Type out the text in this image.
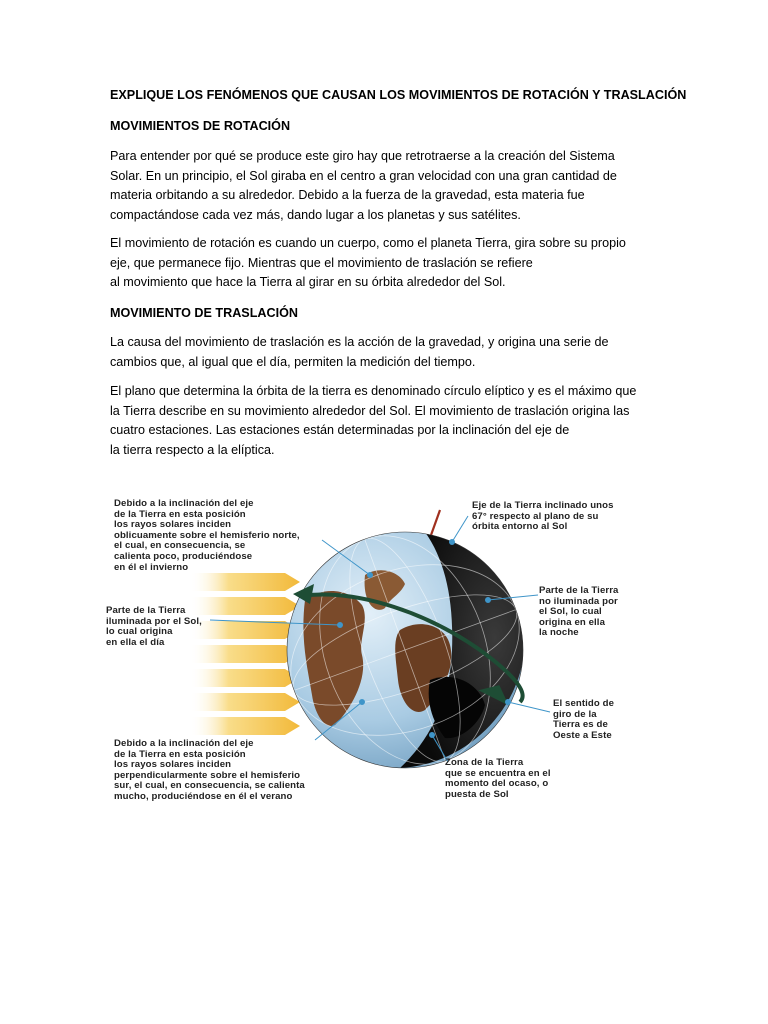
EXPLIQUE LOS FENÓMENOS QUE CAUSAN LOS MOVIMIENTOS DE ROTACIÓN Y TRASLACIÓN

MOVIMIENTOS DE ROTACIÓN

Para entender por qué se produce este giro hay que retrotraerse a la creación del Sistema
Solar. En un principio, el Sol giraba en el centro a gran velocidad con una gran cantidad de
materia orbitando a su alrededor. Debido a la fuerza de la gravedad, esta materia fue
compactándose cada vez más, dando lugar a los planetas y sus satélites.

El movimiento de rotación es cuando un cuerpo, como el planeta Tierra, gira sobre su propio
eje, que permanece fijo. Mientras que el movimiento de traslación se refiere
al movimiento que hace la Tierra al girar en su órbita alrededor del Sol.

MOVIMIENTO DE TRASLACIÓN

La causa del movimiento de traslación es la acción de la gravedad, y origina una serie de
cambios que, al igual que el día, permiten la medición del tiempo.

El plano que determina la órbita de la tierra es denominado círculo elíptico y es el máximo que
la Tierra describe en su movimiento alrededor del Sol. El movimiento de traslación origina las
cuatro estaciones. Las estaciones están determinadas por la inclinación del eje de
la tierra respecto a la elíptica.

Debido a la inclinación del eje
de la Tierra en esta posición
los rayos solares inciden
oblicuamente sobre el hemisferio norte,
el cual, en consecuencia, se
calienta poco, produciéndose
en él el invierno
Parte de la Tierra
iluminada por el Sol,
lo cual origina
en ella el día
Debido a la inclinación del eje
de la Tierra en esta posición
los rayos solares inciden
perpendicularmente sobre el hemisferio
sur, el cual, en consecuencia, se calienta
mucho, produciéndose en él el verano
Eje de la Tierra inclinado unos
67° respecto al plano de su
órbita entorno al Sol
Parte de la Tierra
no iluminada por
el Sol, lo cual
origina en ella
la noche
El sentido de
giro de la
Tierra es de
Oeste a Este
Zona de la Tierra
que se encuentra en el
momento del ocaso, o
puesta de Sol
